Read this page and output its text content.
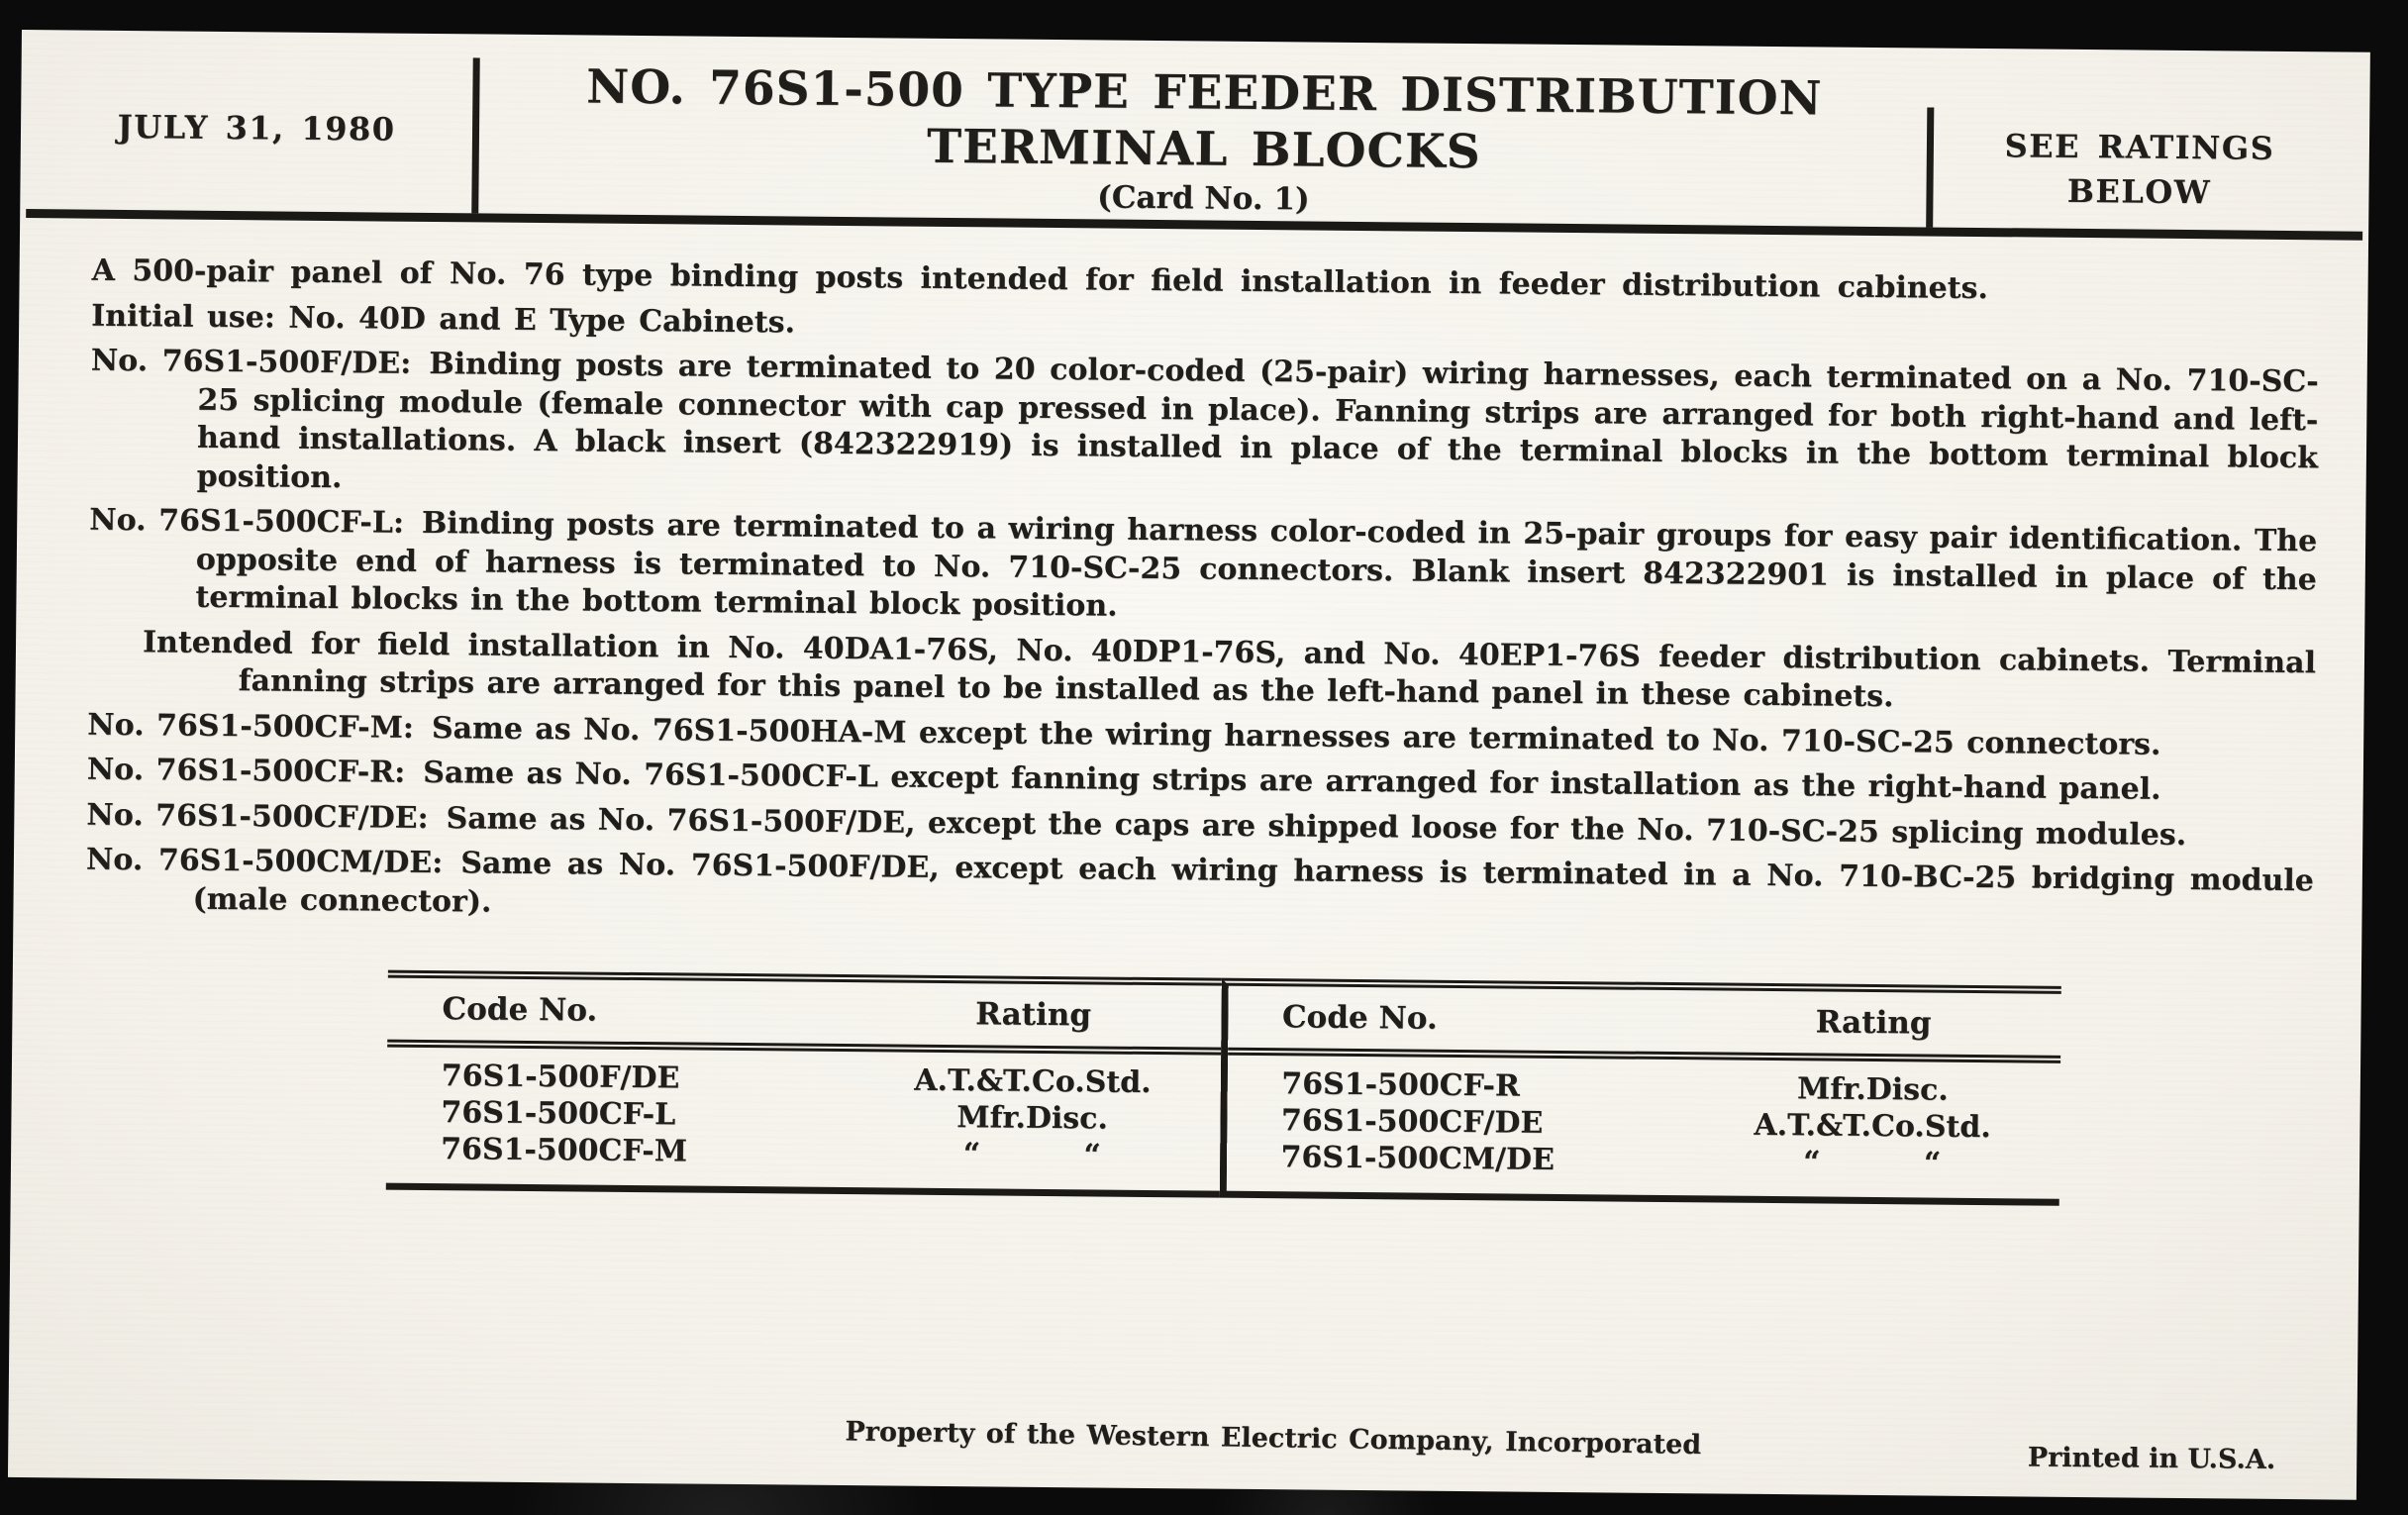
JULY 31, 1980
NO. 76S1-500 TYPE FEEDER DISTRIBUTION
TERMINAL BLOCKS
(Card No. 1)
SEE RATINGS
BELOW

A 500-pair panel of No. 76 type binding posts intended for field installation in feeder distribution cabinets.

Initial use: No. 40D and E Type Cabinets.

No. 76S1-500F/DE: Binding posts are terminated to 20 color-coded (25-pair) wiring harnesses, each terminated on a No. 710-SC-25 splicing module (female connector with cap pressed in place). Fanning strips are arranged for both right-hand and left-hand installations. A black insert (842322919) is installed in place of the terminal blocks in the bottom terminal block position.

No. 76S1-500CF-L: Binding posts are terminated to a wiring harness color-coded in 25-pair groups for easy pair identification. The opposite end of harness is terminated to No. 710-SC-25 connectors. Blank insert 842322901 is installed in place of the terminal blocks in the bottom terminal block position.

Intended for field installation in No. 40DA1-76S, No. 40DP1-76S, and No. 40EP1-76S feeder distribution cabinets. Terminal fanning strips are arranged for this panel to be installed as the left-hand panel in these cabinets.

No. 76S1-500CF-M: Same as No. 76S1-500HA-M except the wiring harnesses are terminated to No. 710-SC-25 connectors.

No. 76S1-500CF-R: Same as No. 76S1-500CF-L except fanning strips are arranged for installation as the right-hand panel.

No. 76S1-500CF/DE: Same as No. 76S1-500F/DE, except the caps are shipped loose for the No. 710-SC-25 splicing modules.

No. 76S1-500CM/DE: Same as No. 76S1-500F/DE, except each wiring harness is terminated in a No. 710-BC-25 bridging module (male connector).

Code No.	Rating
76S1-500F/DE	A.T.&T.Co.Std.
76S1-500CF-L	Mfr.Disc.
76S1-500CF-M	“          “
Code No.	Rating
76S1-500CF-R	Mfr.Disc.
76S1-500CF/DE	A.T.&T.Co.Std.
76S1-500CM/DE	“          “
Property of the Western Electric Company, Incorporated	Printed in U.S.A.
